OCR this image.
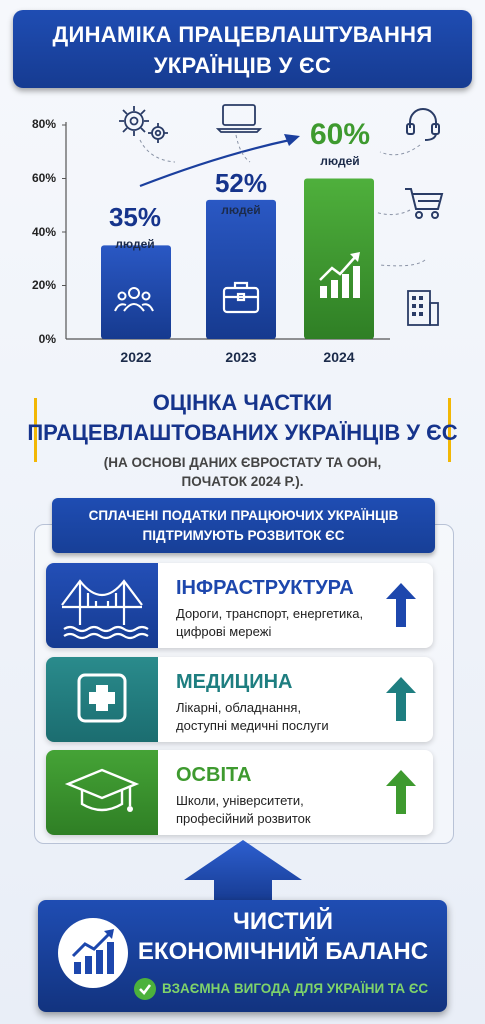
ДИНАМІКА ПРАЦЕВЛАШТУВАННЯ
УКРАЇНЦІВ У ЄС
80%
60%
40%
20%
0%
35%
людей
52%
людей
60%
людей
2022	2023	2024
ОЦІНКА ЧАСТКИ
ПРАЦЕВЛАШТОВАНИХ УКРАЇНЦІВ У ЄС
(НА ОСНОВІ ДАНИХ ЄВРОСТАТУ ТА ООН,
ПОЧАТОК 2024 Р.).
СПЛАЧЕНІ ПОДАТКИ ПРАЦЮЮЧИХ УКРАЇНЦІВ
ПІДТРИМУЮТЬ РОЗВИТОК ЄС
ІНФРАСТРУКТУРА
Дороги, транспорт, енергетика,
цифрові мережі
МЕДИЦИНА
Лікарні, обладнання,
доступні медичні послуги
ОСВІТА
Школи, університети,
професійний розвиток
ЧИСТИЙ
ЕКОНОМІЧНИЙ БАЛАНС
ВЗАЄМНА ВИГОДА ДЛЯ УКРАЇНИ ТА ЄС
